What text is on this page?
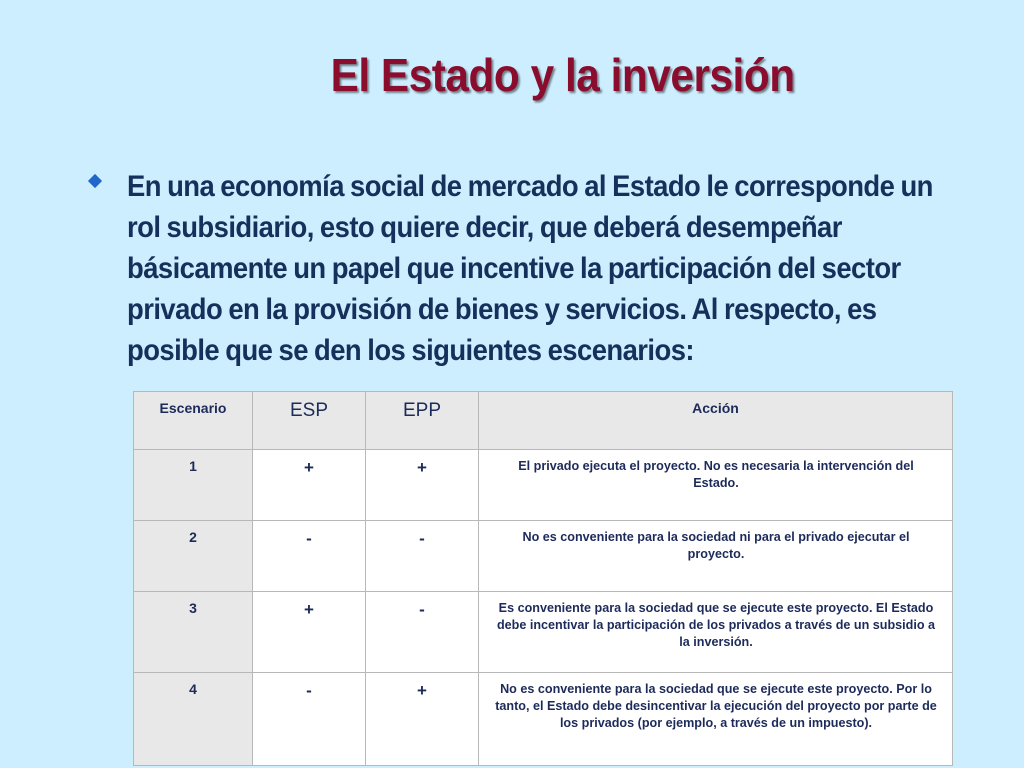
El Estado y la inversión
En una economía social de mercado al Estado le corresponde un rol subsidiario, esto quiere decir, que deberá desempeñar básicamente un papel que incentive la participación del sector privado en la provisión de bienes y servicios. Al respecto, es posible que se den los siguientes escenarios:
Escenario	ESP	EPP	Acción
1	+	+	El privado ejecuta el proyecto. No es necesaria la intervención del Estado.
2	-	-	No es conveniente para la sociedad ni para el privado ejecutar el proyecto.
3	+	-	Es conveniente para la sociedad que se ejecute este proyecto. El Estado debe incentivar la participación de los privados a través de un subsidio a la inversión.
4	-	+	No es conveniente para la sociedad que se ejecute este proyecto. Por lo tanto, el Estado debe desincentivar la ejecución del proyecto por parte de los privados (por ejemplo, a través de un impuesto).
